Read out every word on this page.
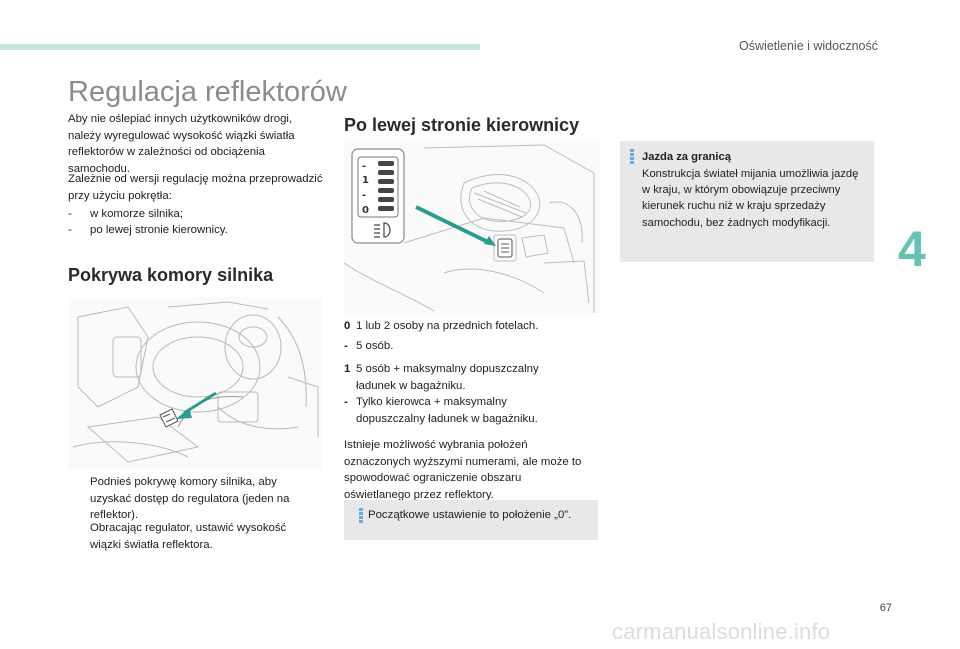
Oświetlenie i widoczność
4
67
carmanualsonline.info
Regulacja reflektorów

Aby nie oślepiać innych użytkowników drogi, należy wyregulować wysokość wiązki światła reflektorów w zależności od obciążenia samochodu.

Zależnie od wersji regulację można przeprowadzić przy użyciu pokrętła:

-	w komorze silnika;
-	po lewej stronie kierownicy.
Pokrywa komory silnika
Podnieś pokrywę komory silnika, aby uzyskać dostęp do regulatora (jeden na reflektor).
Obracając regulator, ustawić wysokość wiązki światła reflektora.
Po lewej stronie kierownicy
-
1
-
0
0 1 lub 2 osoby na przednich fotelach.
- 5 osób.
1 5 osób + maksymalny dopuszczalny ładunek w bagażniku.
- Tylko kierowca + maksymalny dopuszczalny ładunek w bagażniku.

Istnieje możliwość wybrania położeń oznaczonych wyższymi numerami, ale może to spowodować ograniczenie obszaru oświetlanego przez reflektory.

Początkowe ustawienie to położenie „0”.
Jazda za granicą

Konstrukcja świateł mijania umożliwia jazdę w kraju, w którym obowiązuje przeciwny kierunek ruchu niż w kraju sprzedaży samochodu, bez żadnych modyfikacji.
